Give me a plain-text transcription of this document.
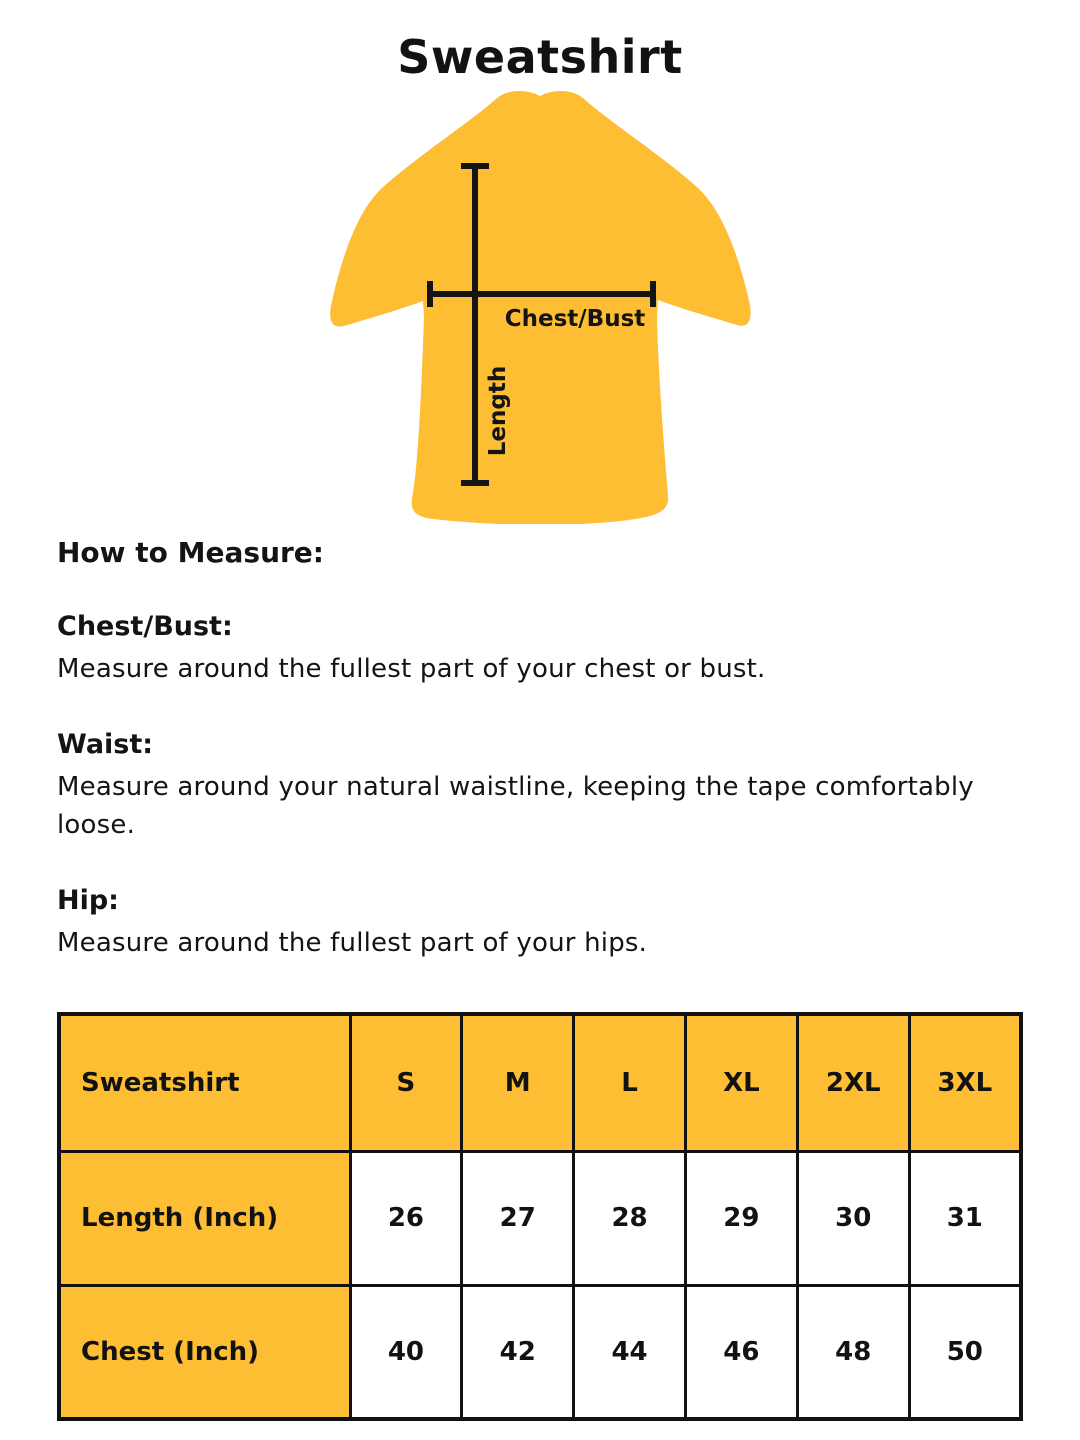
Sweatshirt
Chest/Bust
Length
How to Measure:
Chest/Bust:
Measure around the fullest part of your chest or bust.
Waist:
Measure around your natural waistline, keeping the tape comfortably
loose.
Hip:
Measure around the fullest part of your hips.
Sweatshirt	S	M	L	XL	2XL	3XL
Length (Inch)	26	27	28	29	30	31
Chest (Inch)	40	42	44	46	48	50
